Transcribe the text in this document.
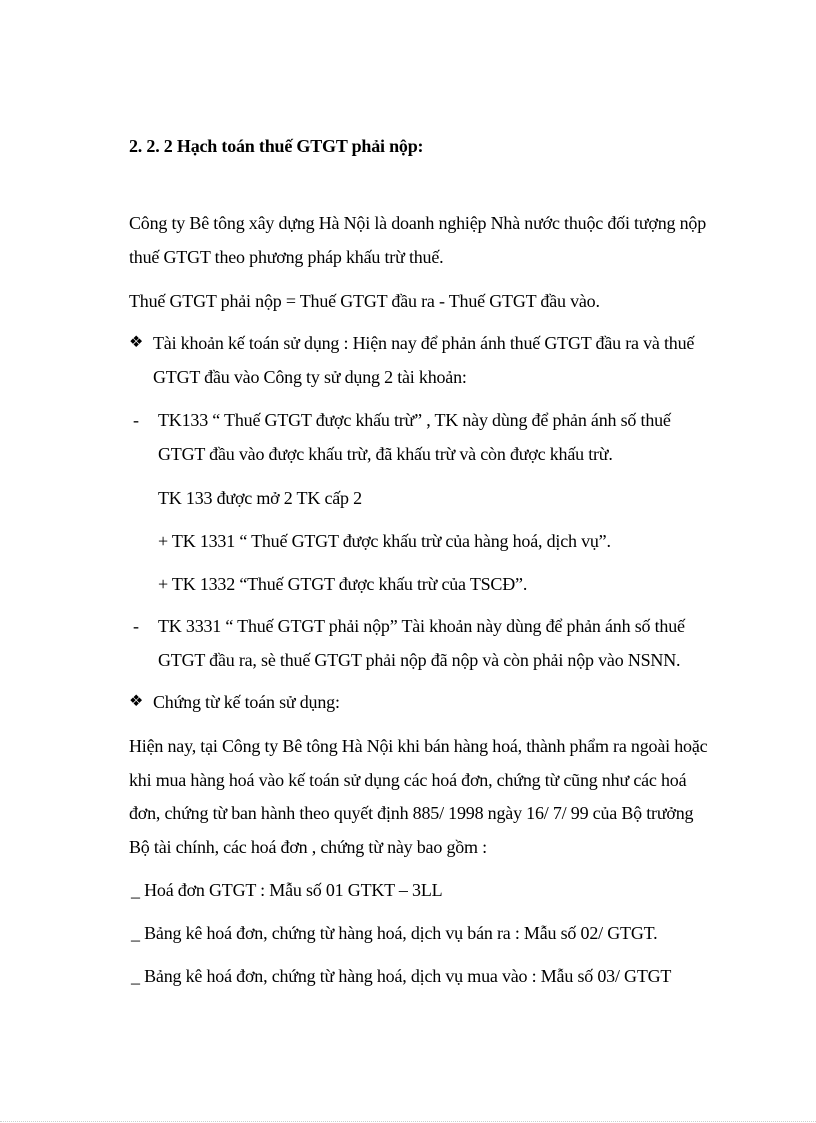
2. 2. 2 Hạch toán thuế GTGT phải nộp:
Công ty Bê tông xây dựng Hà Nội là doanh nghiệp Nhà nước thuộc đối tượng nộp
thuế GTGT theo phương pháp khấu trừ thuế.
Thuế GTGT phải nộp = Thuế GTGT đầu ra - Thuế GTGT đầu vào.
❖ Tài khoản kế toán sử dụng : Hiện nay để phản ánh thuế GTGT đầu ra và thuế
GTGT đầu vào Công ty sử dụng 2 tài khoản:
- TK133 “ Thuế GTGT được khấu trừ” , TK này dùng để phản ánh số thuế
GTGT đầu vào được khấu trừ, đã khấu trừ và còn được khấu trừ.
TK 133 được mở 2 TK cấp 2
+ TK 1331 “ Thuế GTGT được khấu trừ của hàng hoá, dịch vụ”.
+ TK 1332 “Thuế GTGT được khấu trừ của TSCĐ”.
- TK 3331 “ Thuế GTGT phải nộp” Tài khoản này dùng để phản ánh số thuế
GTGT đầu ra, sè thuế GTGT phải nộp đã nộp và còn phải nộp vào NSNN.
❖ Chứng từ kế toán sử dụng:
Hiện nay, tại Công ty Bê tông Hà Nội khi bán hàng hoá, thành phẩm ra ngoài hoặc
khi mua hàng hoá vào kế toán sử dụng các hoá đơn, chứng từ cũng như các hoá
đơn, chứng từ ban hành theo quyết định 885/ 1998 ngày 16/ 7/ 99 của Bộ trưởng
Bộ tài chính, các hoá đơn , chứng từ này bao gồm :
_ Hoá đơn GTGT : Mẫu số 01 GTKT – 3LL
_ Bảng kê hoá đơn, chứng từ hàng hoá, dịch vụ bán ra : Mẫu số 02/ GTGT.
_ Bảng kê hoá đơn, chứng từ hàng hoá, dịch vụ mua vào : Mẫu số 03/ GTGT
